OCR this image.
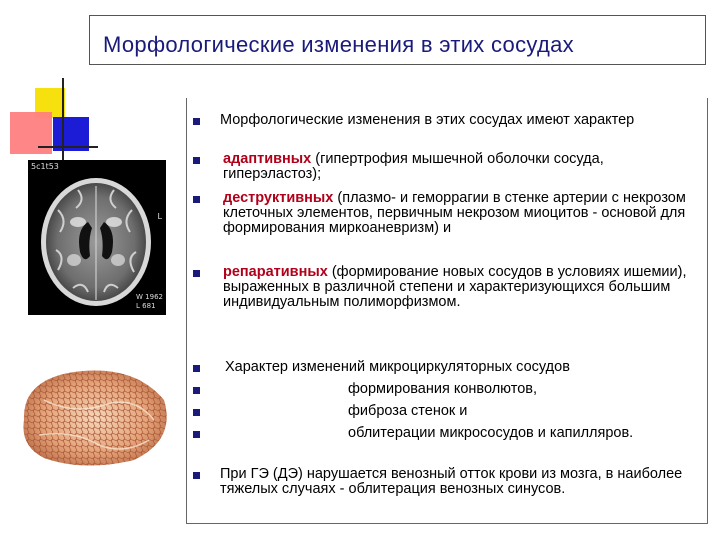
Морфологические изменения в этих сосудах
5c1t53
L
W 1962
L 681
Морфологические изменения в этих сосудах имеют характер
адаптивных (гипертрофия мышечной оболочки сосуда, гиперэластоз);
деструктивных (плазмо- и геморрагии в стенке артерии с некрозом клеточных элементов, первичным некрозом миоцитов - основой для формирования миркоаневризм) и
репаративных (формирование новых сосудов в условиях ишемии), выраженных в различной степени и характеризующихся большим индивидуальным полиморфизмом.
Характер изменений микроциркуляторных сосудов
формирования конволютов,
фиброза стенок и
облитерации микрососудов и капилляров.
При ГЭ (ДЭ) нарушается венозный отток крови из мозга, в наиболее тяжелых случаях - облитерация венозных синусов.
